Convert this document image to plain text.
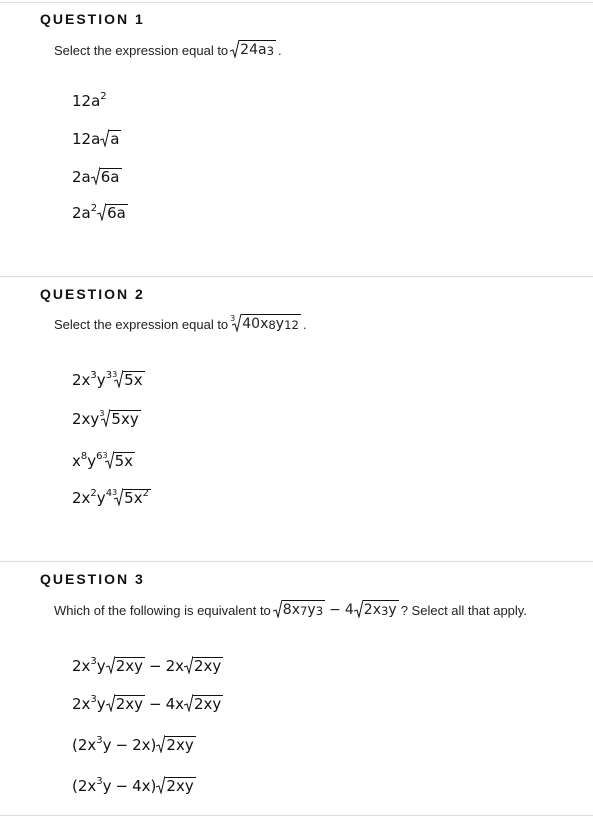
QUESTION 1
Select the expression equal to 24a 3 .
$12a^2$
12a a
2a 6a
$2a^2$ 6a
QUESTION 2
Select the expression equal to 3 40x 8 y 12 .
$2x^3$ $y^3$ 3 5x
2xy 3 5xy
$x^8$ $y^6$ 3 5x
$2x^2$ $y^4$ 3 $5x^2$
QUESTION 3
Which of the following is equivalent to 8x 7 y 3 − 4 2x 3 y ? Select all that apply.
$2x^3$ y 2xy − 2x 2xy
$2x^3$ y 2xy − 4x 2xy
($2x^3$ y − 2x) 2xy
($2x^3$ y − 4x) 2xy
